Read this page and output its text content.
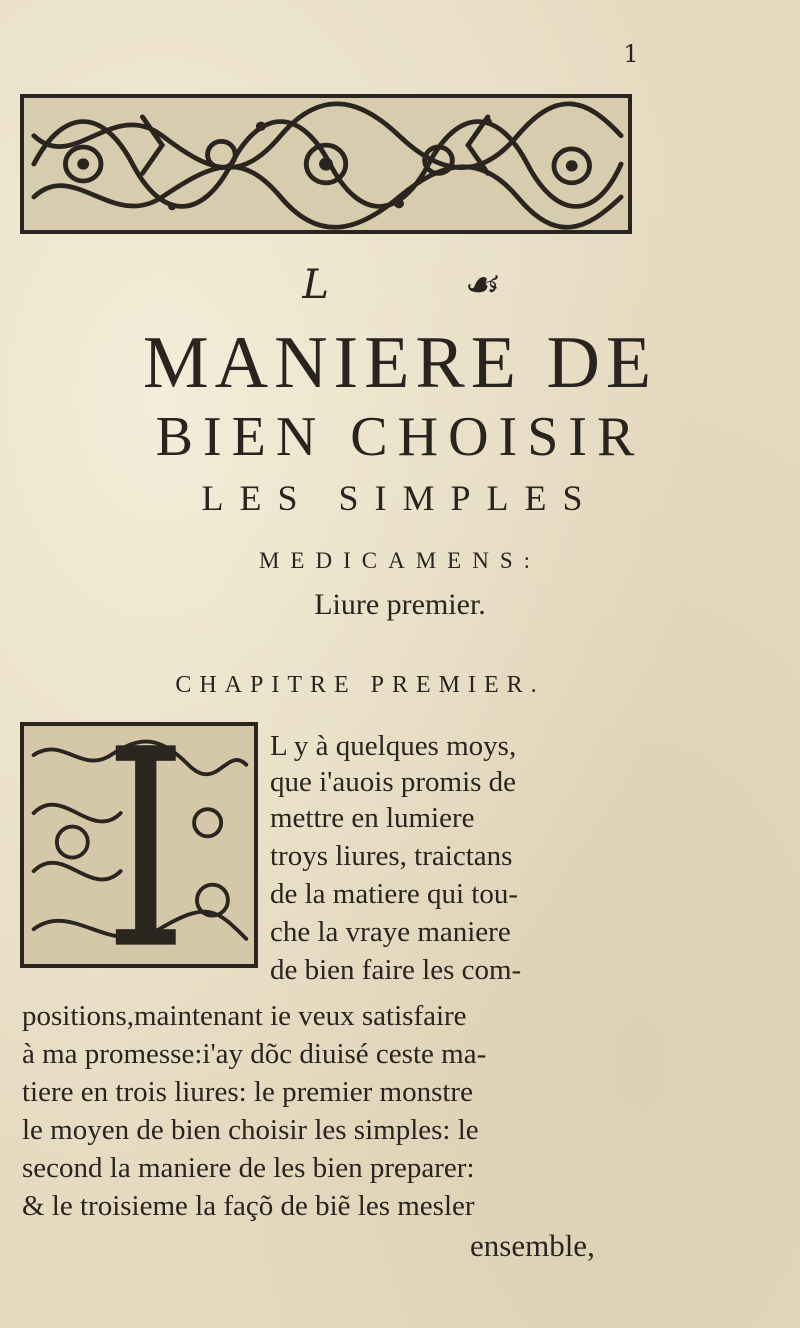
1
L ☙
MANIERE DE
BIEN CHOISIR
LES SIMPLES
MEDICAMENS:
Liure premier.
CHAPITRE PREMIER.
L y à quelques moys,
que i'auois promis de
mettre en lumiere
troys liures, traictans
de la matiere qui tou-
che la vraye maniere
de bien faire les com-
positions,maintenant ie veux satisfaire
à ma promesse:i'ay dõc diuisé ceste ma-
tiere en trois liures: le premier monstre
le moyen de bien choisir les simples: le
second la maniere de les bien preparer:
& le troisieme la façõ de biẽ les mesler
ensemble,
